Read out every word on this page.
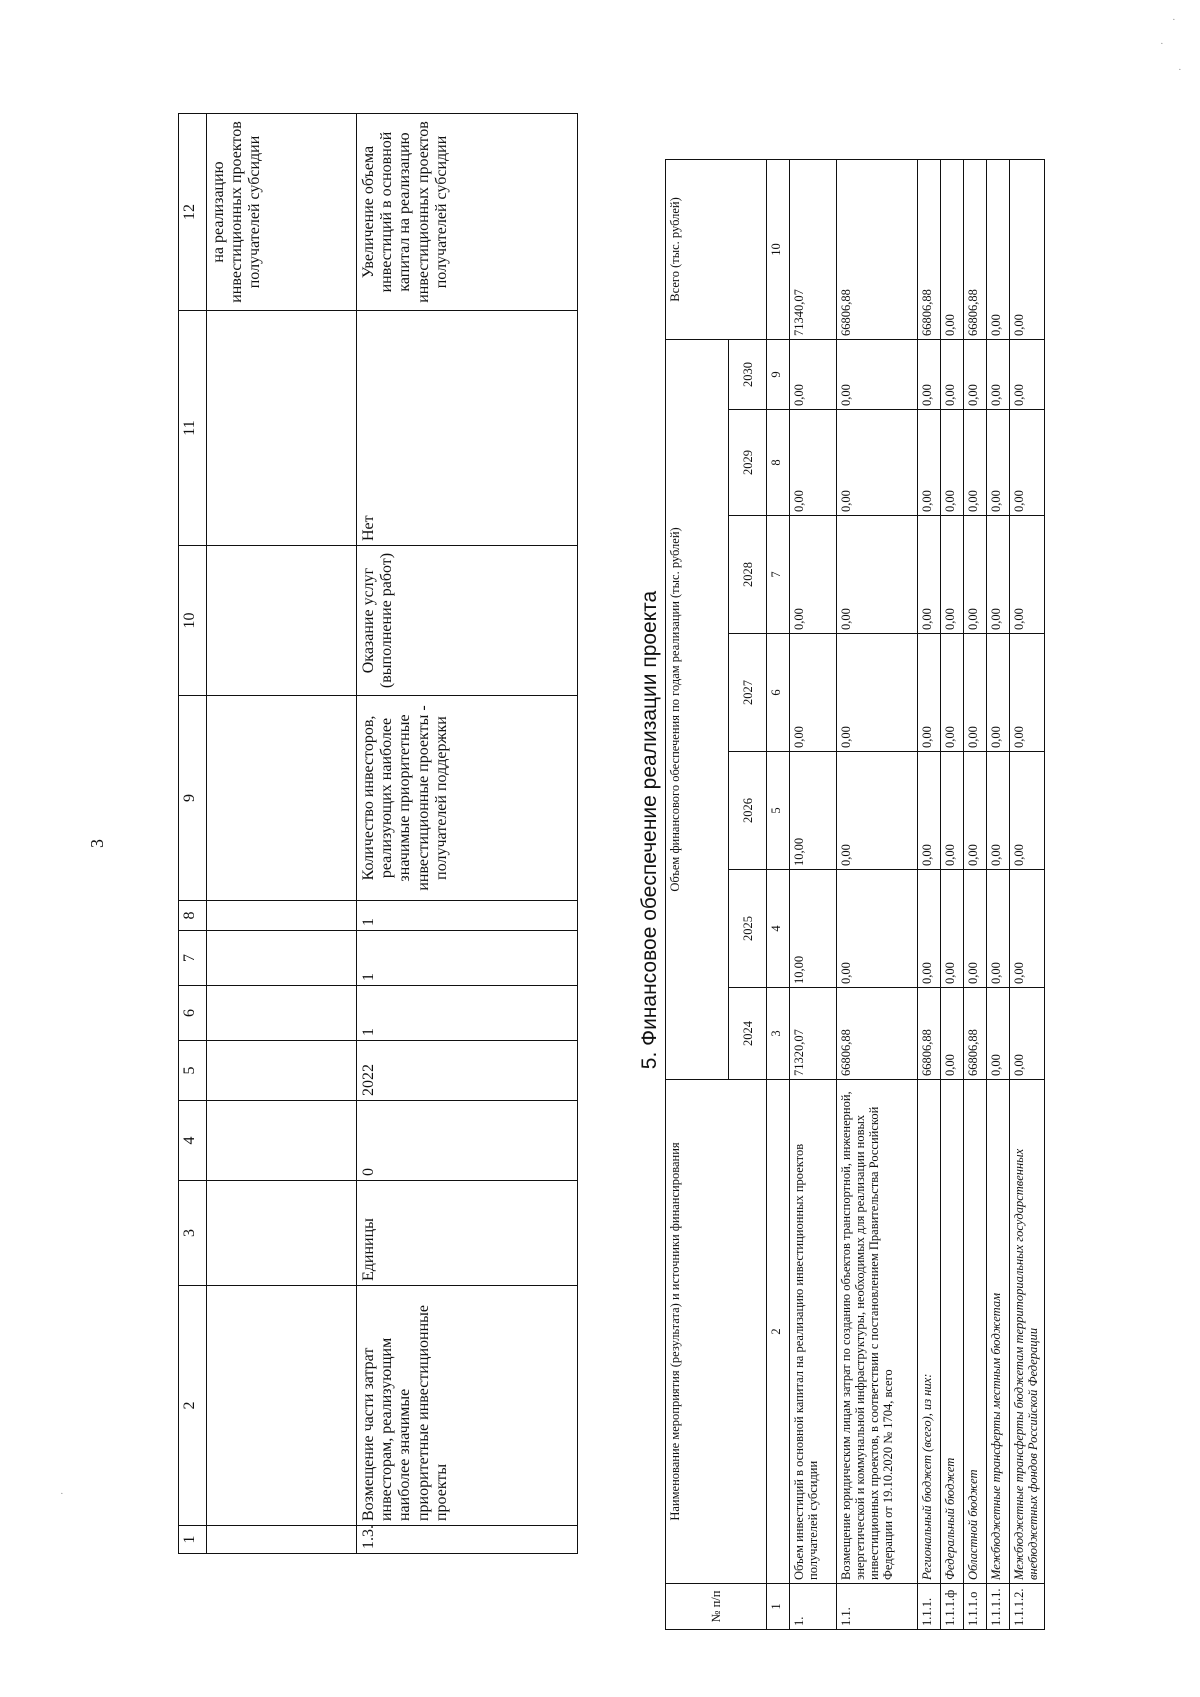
3
1	2	3	4	5	6	7	8	9	10	11	12
											на реализацию инвестиционных проектов получателей субсидии
1.3.	Возмещение части затрат инвесторам, реализующим наиболее значимые приоритетные инвестиционные проекты	Единицы	0	2022	1	1	1	Количество инвесторов, реализующих наиболее значимые приоритетные инвестиционные проекты - получателей поддержки	Оказание услуг (выполнение работ)	Нет	Увеличение объема инвестиций в основной капитал на реализацию инвестиционных проектов получателей субсидии
5. Финансовое обеспечение реализации проекта
№ п/п	Наименование мероприятия (результата) и источники финансирования	Объем финансового обеспечения по годам реализации (тыс. рублей)							Всего (тыс. рублей)
		2024	2025	2026	2027	2028	2029	2030	
1	2	3	4	5	6	7	8	9	10
1.	Объем инвестиций в основной капитал на реализацию инвестиционных проектов получателей субсидии	71320,07	10,00	10,00	0,00	0,00	0,00	0,00	71340,07
1.1.	Возмещение юридическим лицам затрат по созданию объектов транспортной, инженерной, энергетической и коммунальной инфраструктуры, необходимых для реализации новых инвестиционных проектов, в соответствии с постановлением Правительства Российской Федерации от 19.10.2020 № 1704, всего	66806,88	0,00	0,00	0,00	0,00	0,00	0,00	66806,88
1.1.1.	Региональный бюджет (всего), из них:	66806,88	0,00	0,00	0,00	0,00	0,00	0,00	66806,88
1.1.1.ф	Федеральный бюджет	0,00	0,00	0,00	0,00	0,00	0,00	0,00	0,00
1.1.1.о	Областной бюджет	66806,88	0,00	0,00	0,00	0,00	0,00	0,00	66806,88
1.1.1.1.	Межбюджетные трансферты местным бюджетам	0,00	0,00	0,00	0,00	0,00	0,00	0,00	0,00
1.1.1.2.	Межбюджетные трансферты бюджетам территориальных государственных внебюджетных фондов Российской Федерации	0,00	0,00	0,00	0,00	0,00	0,00	0,00	0,00
·
·
·
·
